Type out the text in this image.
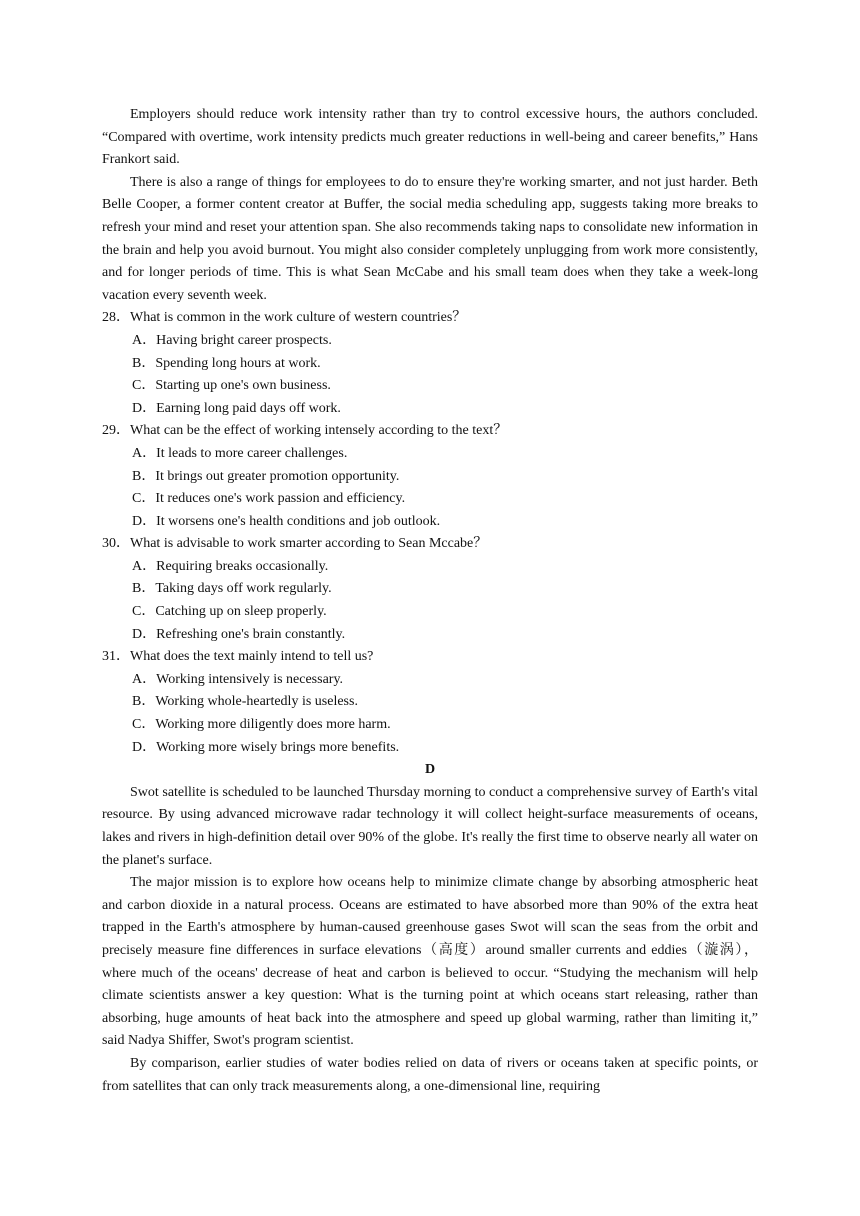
Employers should reduce work intensity rather than try to control excessive hours, the authors concluded. “Compared with overtime, work intensity predicts much greater reductions in well-being and career benefits,” Hans Frankort said.

There is also a range of things for employees to do to ensure they're working smarter, and not just harder. Beth Belle Cooper, a former content creator at Buffer, the social media scheduling app, suggests taking more breaks to refresh your mind and reset your attention span. She also recommends taking naps to consolidate new information in the brain and help you avoid burnout. You might also consider completely unplugging from work more consistently, and for longer periods of time. This is what Sean McCabe and his small team does when they take a week-long vacation every seventh week.

28．What is common in the work culture of western countries？

A．Having bright career prospects.

B．Spending long hours at work.

C．Starting up one's own business.

D．Earning long paid days off work.

29．What can be the effect of working intensely according to the text？

A．It leads to more career challenges.

B．It brings out greater promotion opportunity.

C．It reduces one's work passion and efficiency.

D．It worsens one's health conditions and job outlook.

30．What is advisable to work smarter according to Sean Mccabe？

A．Requiring breaks occasionally.

B．Taking days off work regularly.

C．Catching up on sleep properly.

D．Refreshing one's brain constantly.

31．What does the text mainly intend to tell us?

A．Working intensively is necessary.

B．Working whole-heartedly is useless.

C．Working more diligently does more harm.

D．Working more wisely brings more benefits.

D

Swot satellite is scheduled to be launched Thursday morning to conduct a comprehensive survey of Earth's vital resource. By using advanced microwave radar technology it will collect height-surface measurements of oceans, lakes and rivers in high-definition detail over 90% of the globe. It's really the first time to observe nearly all water on the planet's surface.

The major mission is to explore how oceans help to minimize climate change by absorbing atmospheric heat and carbon dioxide in a natural process. Oceans are estimated to have absorbed more than 90% of the extra heat trapped in the Earth's atmosphere by human-caused greenhouse gases Swot will scan the seas from the orbit and precisely measure fine differences in surface elevations（高度）around smaller currents and eddies（漩涡）， where much of the oceans' decrease of heat and carbon is believed to occur. “Studying the mechanism will help climate scientists answer a key question: What is the turning point at which oceans start releasing, rather than absorbing, huge amounts of heat back into the atmosphere and speed up global warming, rather than limiting it,” said Nadya Shiffer, Swot's program scientist.

By comparison, earlier studies of water bodies relied on data of rivers or oceans taken at specific points, or from satellites that can only track measurements along, a one-dimensional line, requiring
